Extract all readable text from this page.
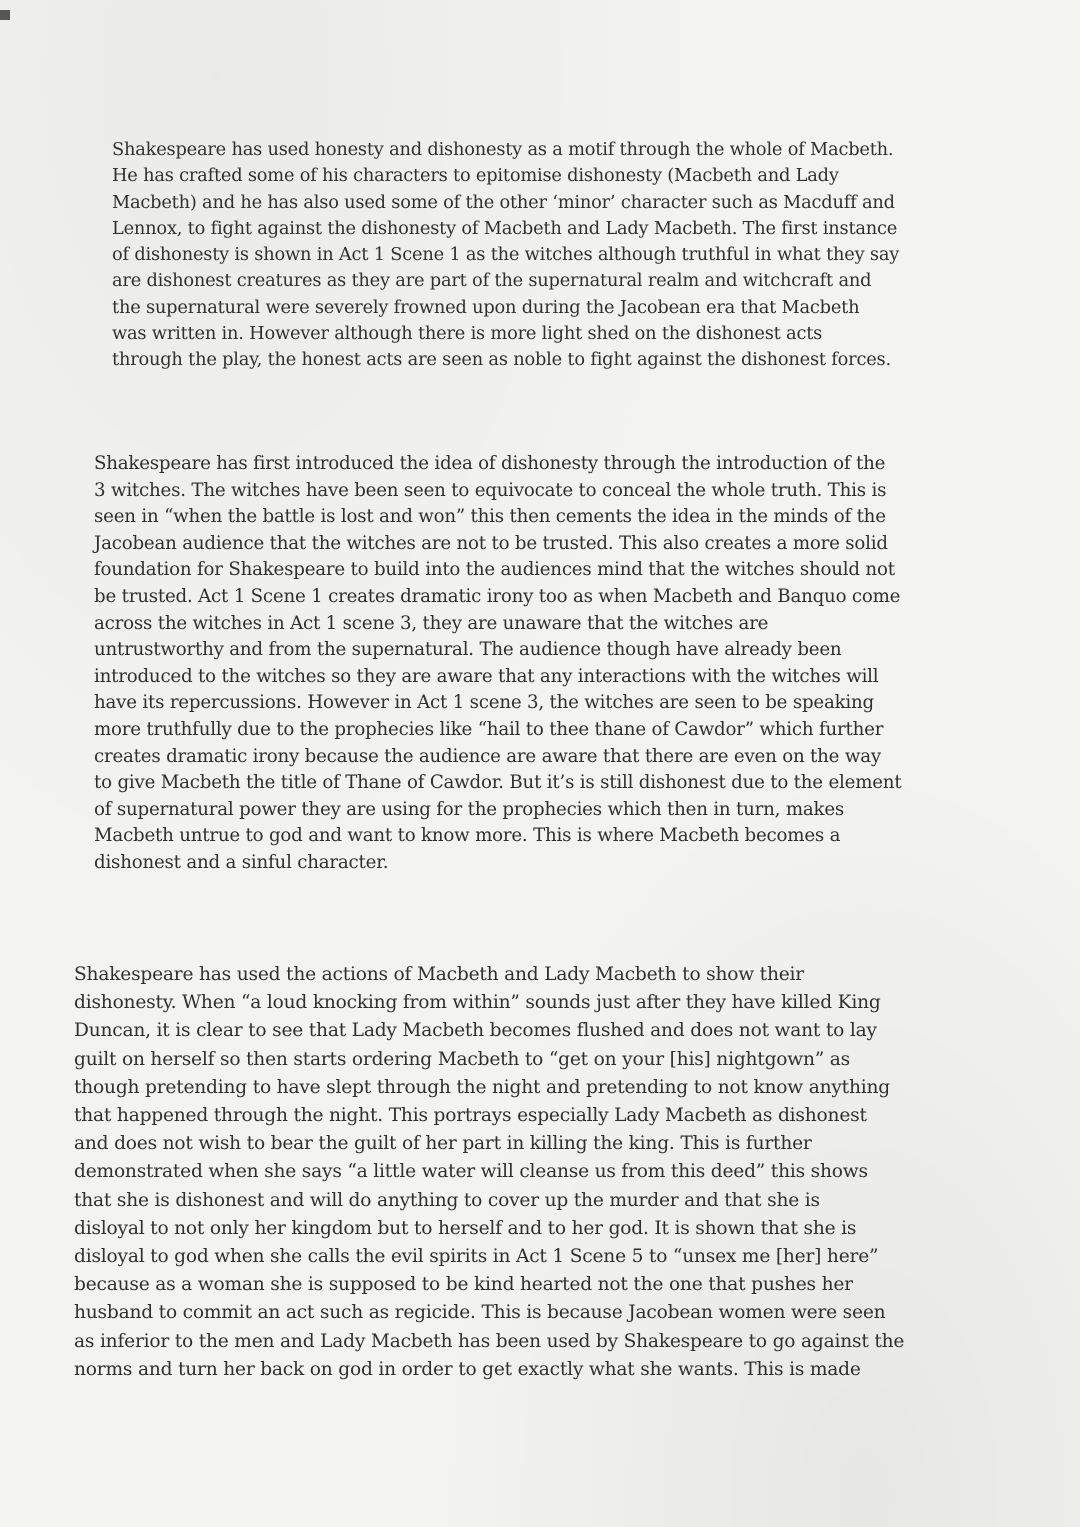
Shakespeare has used honesty and dishonesty as a motif through the whole of Macbeth.
He has crafted some of his characters to epitomise dishonesty (Macbeth and Lady
Macbeth) and he has also used some of the other ‘minor’ character such as Macduff and
Lennox, to fight against the dishonesty of Macbeth and Lady Macbeth. The first instance
of dishonesty is shown in Act 1 Scene 1 as the witches although truthful in what they say
are dishonest creatures as they are part of the supernatural realm and witchcraft and
the supernatural were severely frowned upon during the Jacobean era that Macbeth
was written in. However although there is more light shed on the dishonest acts
through the play, the honest acts are seen as noble to fight against the dishonest forces.
Shakespeare has first introduced the idea of dishonesty through the introduction of the
3 witches. The witches have been seen to equivocate to conceal the whole truth. This is
seen in “when the battle is lost and won” this then cements the idea in the minds of the
Jacobean audience that the witches are not to be trusted. This also creates a more solid
foundation for Shakespeare to build into the audiences mind that the witches should not
be trusted. Act 1 Scene 1 creates dramatic irony too as when Macbeth and Banquo come
across the witches in Act 1 scene 3, they are unaware that the witches are
untrustworthy and from the supernatural. The audience though have already been
introduced to the witches so they are aware that any interactions with the witches will
have its repercussions. However in Act 1 scene 3, the witches are seen to be speaking
more truthfully due to the prophecies like “hail to thee thane of Cawdor” which further
creates dramatic irony because the audience are aware that there are even on the way
to give Macbeth the title of Thane of Cawdor. But it’s is still dishonest due to the element
of supernatural power they are using for the prophecies which then in turn, makes
Macbeth untrue to god and want to know more. This is where Macbeth becomes a
dishonest and a sinful character.
Shakespeare has used the actions of Macbeth and Lady Macbeth to show their
dishonesty. When “a loud knocking from within” sounds just after they have killed King
Duncan, it is clear to see that Lady Macbeth becomes flushed and does not want to lay
guilt on herself so then starts ordering Macbeth to “get on your [his] nightgown” as
though pretending to have slept through the night and pretending to not know anything
that happened through the night. This portrays especially Lady Macbeth as dishonest
and does not wish to bear the guilt of her part in killing the king. This is further
demonstrated when she says “a little water will cleanse us from this deed” this shows
that she is dishonest and will do anything to cover up the murder and that she is
disloyal to not only her kingdom but to herself and to her god. It is shown that she is
disloyal to god when she calls the evil spirits in Act 1 Scene 5 to “unsex me [her] here”
because as a woman she is supposed to be kind hearted not the one that pushes her
husband to commit an act such as regicide. This is because Jacobean women were seen
as inferior to the men and Lady Macbeth has been used by Shakespeare to go against the
norms and turn her back on god in order to get exactly what she wants. This is made
